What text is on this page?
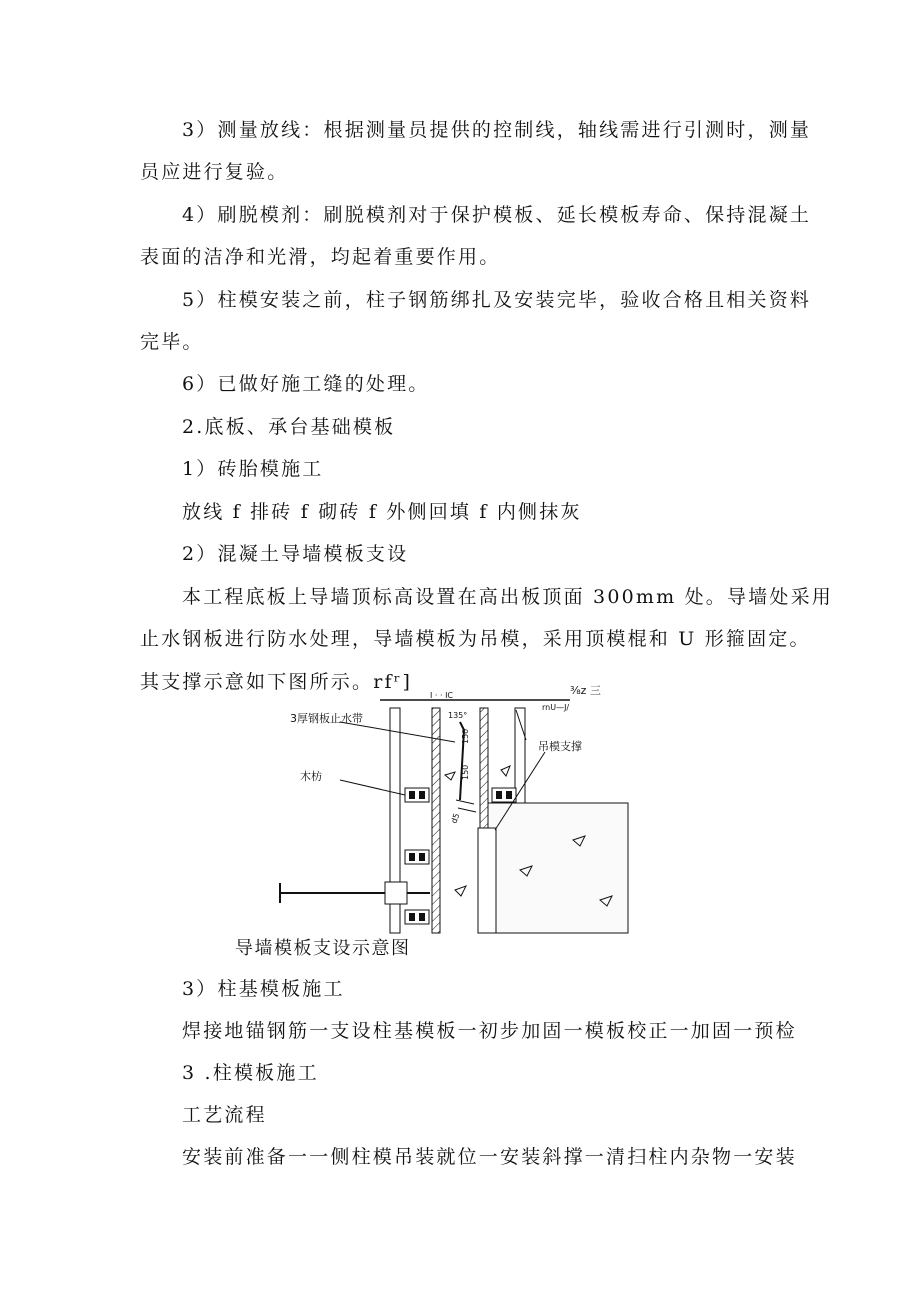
3）测量放线：根据测量员提供的控制线，轴线需进行引测时，测量
员应进行复验。
4）刷脱模剂：刷脱模剂对于保护模板、延长模板寿命、保持混凝土
表面的洁净和光滑，均起着重要作用。
5）柱模安装之前，柱子钢筋绑扎及安装完毕，验收合格且相关资料
完毕。
6）已做好施工缝的处理。
2.底板、承台基础模板
1）砖胎模施工
放线 f 排砖 f 砌砖 f 外侧回填 f 内侧抹灰
2）混凝土导墙模板支设
本工程底板上导墙顶标高设置在高出板顶面 300mm 处。导墙处采用
止水钢板进行防水处理，导墙模板为吊模，采用顶模棍和 U 形箍固定。
其支撑示意如下图所示。rfʳ]
I · · IC
rnU—J/
⅜z 三
3厚钢板止水带
木枋
吊模支撑
135°
150
150
d5
导墙模板支设示意图
3）柱基模板施工
焊接地锚钢筋一支设柱基模板一初步加固一模板校正一加固一预检
3 .柱模板施工
工艺流程
安装前准备一一侧柱模吊装就位一安装斜撑一清扫柱内杂物一安装
